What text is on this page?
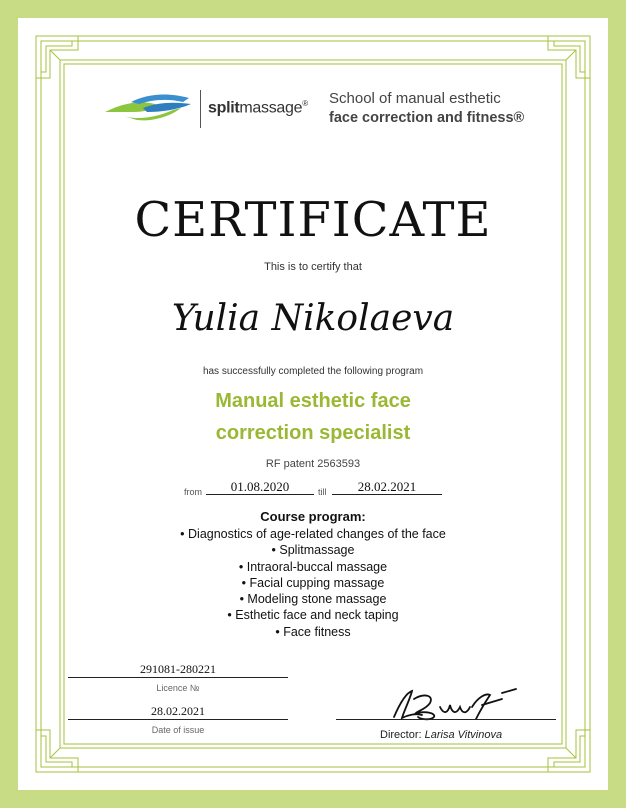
splitmassage® School of manual esthetic
face correction and fitness®
CERTIFICATE
This is to certify that
Yulia Nikolaeva
has successfully completed the following program
Manual esthetic face
correction specialist
RF patent 2563593
from	01.08.2020	till	28.02.2021
Course program:
• Diagnostics of age-related changes of the face
• Splitmassage
• Intraoral-buccal massage
• Facial cupping massage
• Modeling stone massage
• Esthetic face and neck taping
• Face fitness
291081-280221
Licence №
28.02.2021
Date of issue	Director: Larisa Vitvinova
